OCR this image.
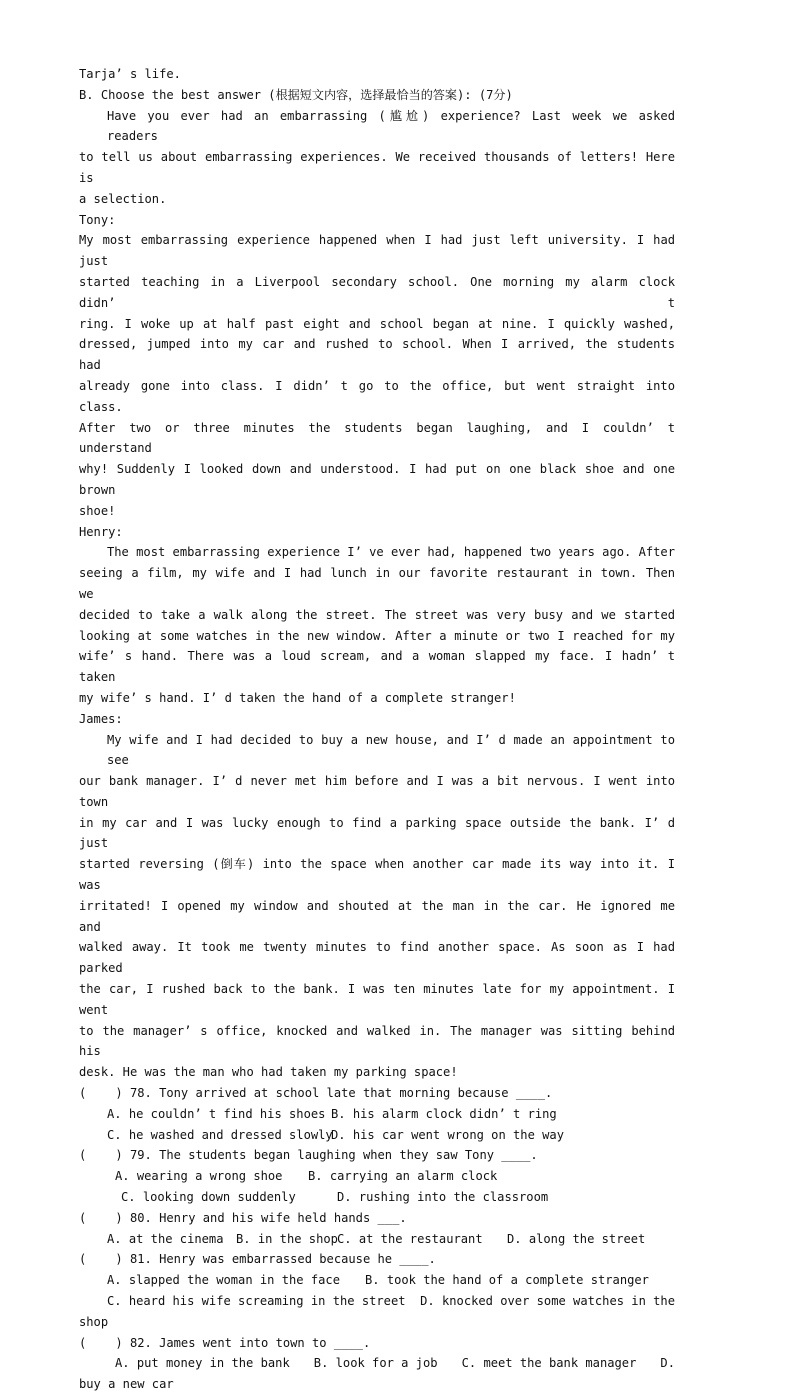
Tarja’ s life.
B. Choose the best answer (根据短文内容，选择最恰当的答案): (7分)
Have you ever had an embarrassing (尴尬) experience? Last week we asked readers
to tell us about embarrassing experiences. We received thousands of letters! Here is
a selection.
Tony:
My most embarrassing experience happened when I had just left university. I had just
started teaching in a Liverpool secondary school. One morning my alarm clock didn’ t
ring. I woke up at half past eight and school began at nine. I quickly washed,
dressed, jumped into my car and rushed to school. When I arrived, the students had
already gone into class. I didn’ t go to the office, but went straight into class.
After two or three minutes the students began laughing, and I couldn’ t understand
why! Suddenly I looked down and understood. I had put on one black shoe and one brown
shoe!
Henry:
The most embarrassing experience I’ ve ever had, happened two years ago. After
seeing a film, my wife and I had lunch in our favorite restaurant in town. Then we
decided to take a walk along the street. The street was very busy and we started
looking at some watches in the new window. After a minute or two I reached for my
wife’ s hand. There was a loud scream, and a woman slapped my face. I hadn’ t taken
my wife’ s hand. I’ d taken the hand of a complete stranger!
James:
My wife and I had decided to buy a new house, and I’ d made an appointment to see
our bank manager. I’ d never met him before and I was a bit nervous. I went into town
in my car and I was lucky enough to find a parking space outside the bank. I’ d just
started reversing (倒车) into the space when another car made its way into it. I was
irritated! I opened my window and shouted at the man in the car. He ignored me and
walked away. It took me twenty minutes to find another space. As soon as I had parked
the car, I rushed back to the bank. I was ten minutes late for my appointment. I went
to the manager’ s office, knocked and walked in. The manager was sitting behind his
desk. He was the man who had taken my parking space!
(    ) 78. Tony arrived at school late that morning because ____.
A. he couldn’ t find his shoes B. his alarm clock didn’ t ring
C. he washed and dressed slowly
D. his car went wrong on the way
(    ) 79. The students began laughing when they saw Tony ____.
A. wearing a wrong shoe	B. carrying an alarm clock
C. looking down suddenly	D. rushing into the classroom
(    ) 80. Henry and his wife held hands ___.
A. at the cinema	B. in the shop C. at the restaurant	D. along the street
(    ) 81. Henry was embarrassed because he ____.
A. slapped the woman in the face	B. took the hand of a complete stranger
C. heard his wife screaming in the street D. knocked over some watches in the
shop
(    ) 82. James went into town to ____.
A. put money in the bank B. look for a job C. meet the bank manager D.
buy a new car
